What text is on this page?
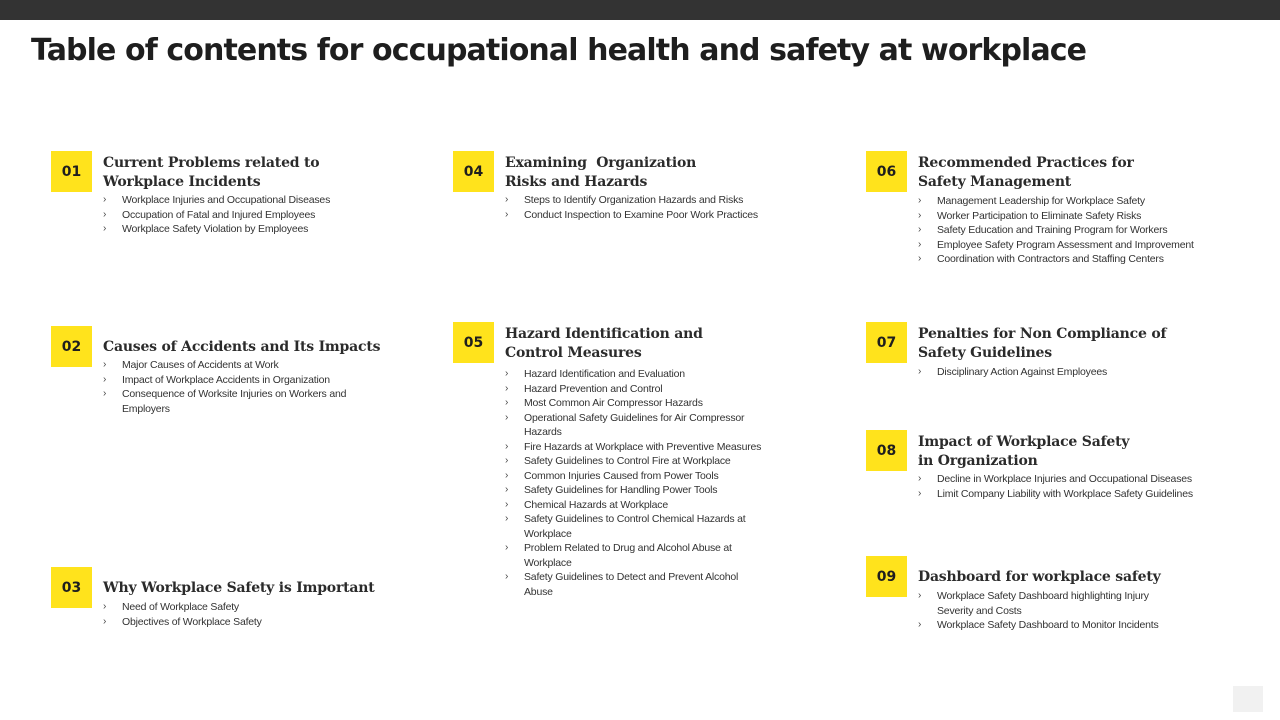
Table of contents for occupational health and safety at workplace
01
Current Problems related to
Workplace Incidents
› Workplace Injuries and Occupational Diseases
› Occupation of Fatal and Injured Employees
› Workplace Safety Violation by Employees
02	Causes of Accidents and Its Impacts
› Major Causes of Accidents at Work
› Impact of Workplace Accidents in Organization
› Consequence of Worksite Injuries on Workers and Employers
03	Why Workplace Safety is Important
› Need of Workplace Safety
› Objectives of Workplace Safety
04
Examining  Organization
Risks and Hazards
› Steps to Identify Organization Hazards and Risks
› Conduct Inspection to Examine Poor Work Practices
05
Hazard Identification and
Control Measures
› Hazard Identification and Evaluation
› Hazard Prevention and Control
› Most Common Air Compressor Hazards
› Operational Safety Guidelines for Air Compressor Hazards
› Fire Hazards at Workplace with Preventive Measures
› Safety Guidelines to Control Fire at Workplace
› Common Injuries Caused from Power Tools
› Safety Guidelines for Handling Power Tools
› Chemical Hazards at Workplace
› Safety Guidelines to Control Chemical Hazards at Workplace
› Problem Related to Drug and Alcohol Abuse at Workplace
› Safety Guidelines to Detect and Prevent Alcohol Abuse
06
Recommended Practices for
Safety Management
› Management Leadership for Workplace Safety
› Worker Participation to Eliminate Safety Risks
› Safety Education and Training Program for Workers
› Employee Safety Program Assessment and Improvement
› Coordination with Contractors and Staffing Centers
07
Penalties for Non Compliance of
Safety Guidelines
› Disciplinary Action Against Employees
08
Impact of Workplace Safety
in Organization
› Decline in Workplace Injuries and Occupational Diseases
› Limit Company Liability with Workplace Safety Guidelines
09	Dashboard for workplace safety
› Workplace Safety Dashboard highlighting Injury Severity and Costs
› Workplace Safety Dashboard to Monitor Incidents
